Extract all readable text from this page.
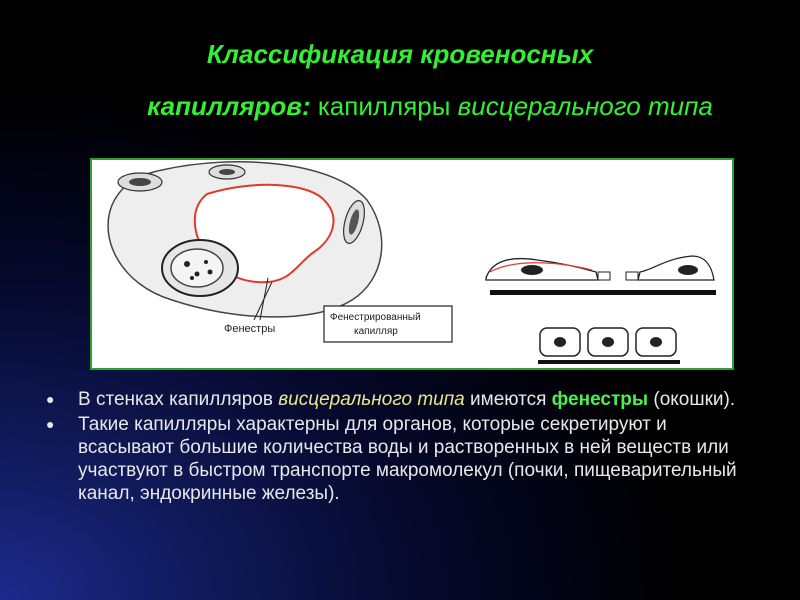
Классификация кровеносных
капилляров: капилляры висцерального типа
Фенестры
Фенестрированный
капилляр
● В стенках капилляров висцерального типа имеются фенестры (окошки).
● Такие капилляры характерны для органов, которые секретируют и всасывают большие количества воды и растворенных в ней веществ или участвуют в быстром транспорте макромолекул (почки, пищеварительный канал, эндокринные железы).
